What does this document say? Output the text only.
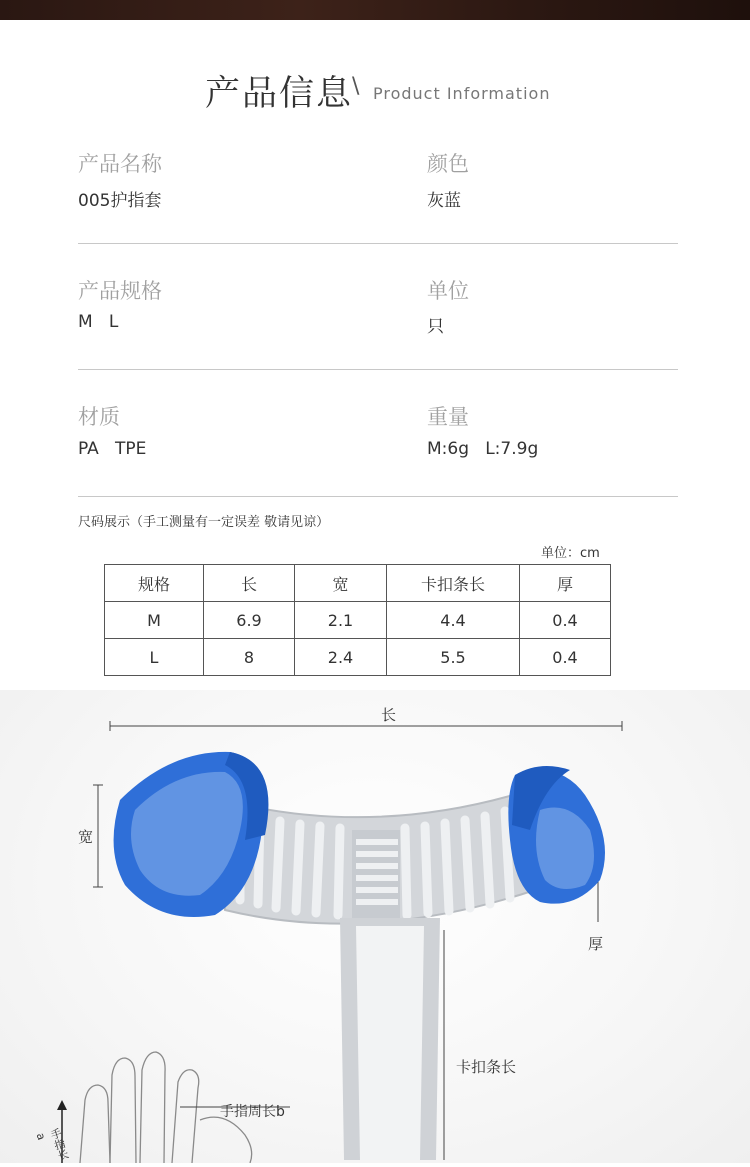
产品信息
\ Product Information
产品名称
005护指套
颜色
灰蓝
产品规格
M   L
单位
只
材质
PA   TPE
重量
M:6g   L:7.9g
尺码展示（手工测量有一定误差 敬请见谅）
单位：cm
规格	长	宽	卡扣条长	厚
M	6.9	2.1	4.4	0.4
L	8	2.4	5.5	0.4
长
宽
厚
卡扣条长
手指周长b
手指长a
